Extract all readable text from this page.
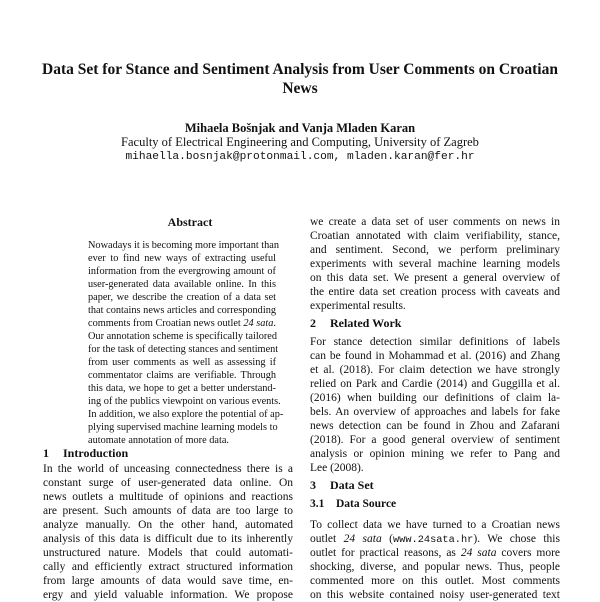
Data Set for Stance and Sentiment Analysis from User Comments on Croatian News
Mihaela Bošnjak and Vanja Mladen Karan
Faculty of Electrical Engineering and Computing, University of Zagreb
mihaella.bosnjak@protonmail.com, mladen.karan@fer.hr
Abstract
Nowadays it is becoming more important than
ever to find new ways of extracting useful
information from the evergrowing amount of
user-generated data available online. In this
paper, we describe the creation of a data set
that contains news articles and corresponding
comments from Croatian news outlet 24 sata.
Our annotation scheme is specifically tailored
for the task of detecting stances and sentiment
from user comments as well as assessing if
commentator claims are verifiable. Through
this data, we hope to get a better understand-
ing of the publics viewpoint on various events.
In addition, we also explore the potential of ap-
plying supervised machine learning models to
automate annotation of more data.
1 Introduction
In the world of unceasing connectedness there is a
constant surge of user-generated data online. On
news outlets a multitude of opinions and reactions
are present. Such amounts of data are too large to
analyze manually. On the other hand, automated
analysis of this data is difficult due to its inherently
unstructured nature. Models that could automati-
cally and efficiently extract structured information
from large amounts of data would save time, en-
ergy and yield valuable information. We propose
we create a data set of user comments on news in
Croatian annotated with claim verifiability, stance,
and sentiment. Second, we perform preliminary
experiments with several machine learning models
on this data set. We present a general overview of
the entire data set creation process with caveats and
experimental results.
2 Related Work
For stance detection similar definitions of labels
can be found in Mohammad et al. (2016) and Zhang
et al. (2018). For claim detection we have strongly
relied on Park and Cardie (2014) and Guggilla et al.
(2016) when building our definitions of claim la-
bels. An overview of approaches and labels for fake
news detection can be found in Zhou and Zafarani
(2018). For a good general overview of sentiment
analysis or opinion mining we refer to Pang and
Lee (2008).
3 Data Set
3.1 Data Source
To collect data we have turned to a Croatian news
outlet 24 sata (www.24sata.hr). We chose this
outlet for practical reasons, as 24 sata covers more
shocking, diverse, and popular news. Thus, people
commented more on this outlet. Most comments
on this website contained noisy user-generated text
